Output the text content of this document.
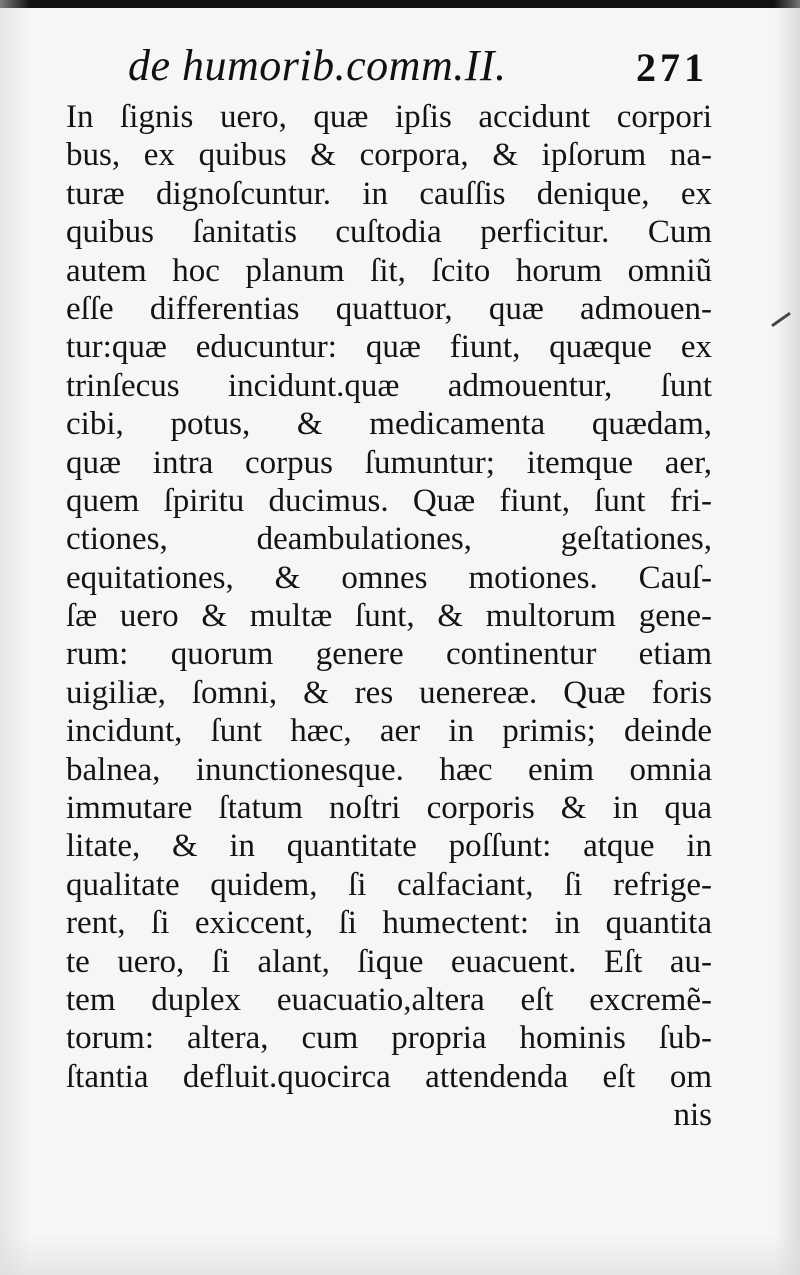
de humorib.comm.II.	271
In ſignis uero, quæ ipſis accidunt corpori
bus, ex quibus & corpora, & ipſorum na-
turæ dignoſcuntur. in cauſſis denique, ex
quibus ſanitatis cuſtodia perficitur. Cum
autem hoc planum ſit, ſcito horum omniũ
eſſe differentias quattuor, quæ admouen-
tur:quæ educuntur: quæ fiunt, quæque ex
trinſecus incidunt.quæ admouentur, ſunt
cibi, potus, & medicamenta quædam,
quæ intra corpus ſumuntur; itemque aer,
quem ſpiritu ducimus. Quæ fiunt, ſunt fri-
ctiones, deambulationes, geſtationes,
equitationes, & omnes motiones. Cauſ-
ſæ uero & multæ ſunt, & multorum gene-
rum: quorum genere continentur etiam
uigiliæ, ſomni, & res uenereæ. Quæ foris
incidunt, ſunt hæc, aer in primis; deinde
balnea, inunctionesque. hæc enim omnia
immutare ſtatum noſtri corporis & in qua
litate, & in quantitate poſſunt: atque in
qualitate quidem, ſi calfaciant, ſi refrige-
rent, ſi exiccent, ſi humectent: in quantita
te uero, ſi alant, ſique euacuent. Eſt au-
tem duplex euacuatio,altera eſt excremẽ-
torum: altera, cum propria hominis ſub-
ſtantia defluit.quocirca attendenda eſt om
nis
